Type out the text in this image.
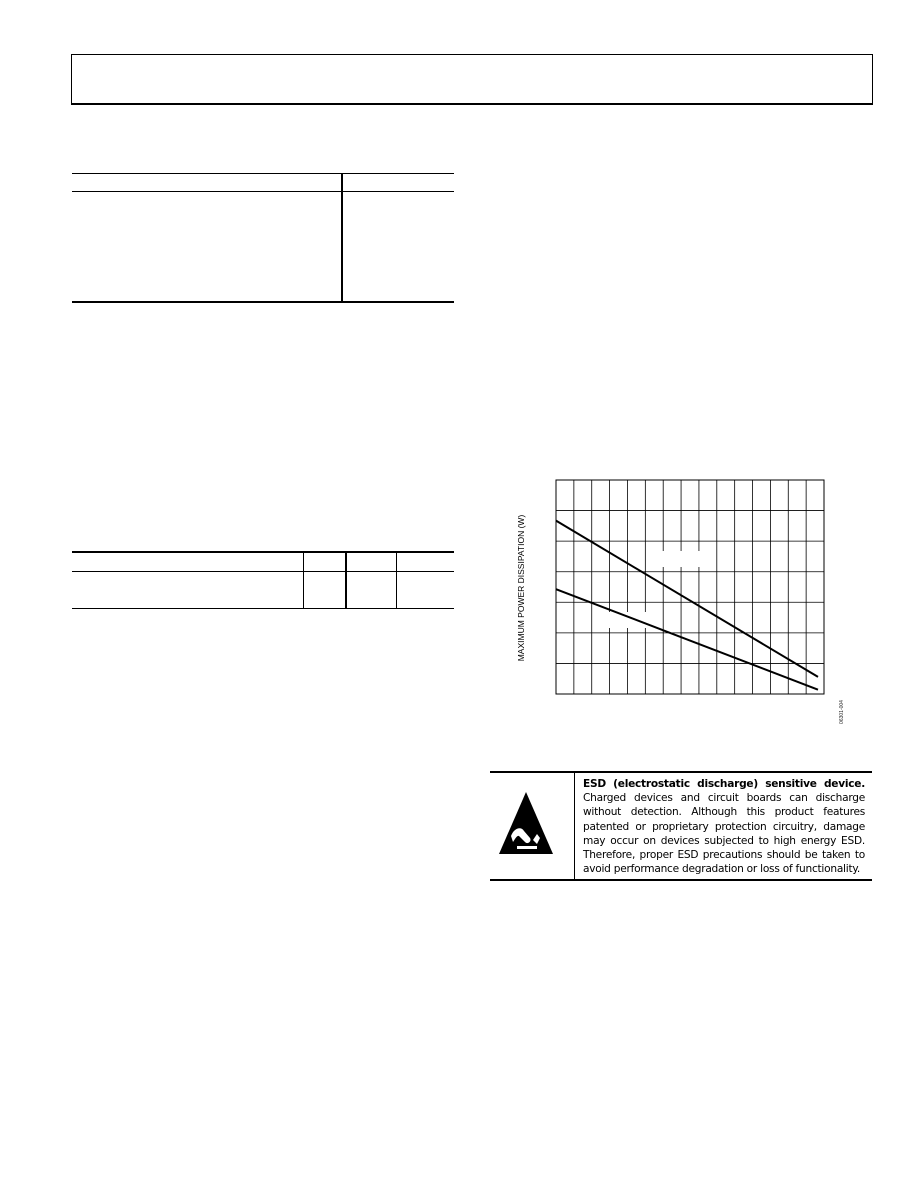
MAXIMUM POWER DISSIPATION (W)
06301-004
ESD (electrostatic discharge) sensitive device. Charged devices and circuit boards can discharge without detection. Although this product features patented or proprietary protection circuitry, damage may occur on devices subjected to high energy ESD. Therefore, proper ESD precautions should be taken to avoid performance degradation or loss of functionality.
